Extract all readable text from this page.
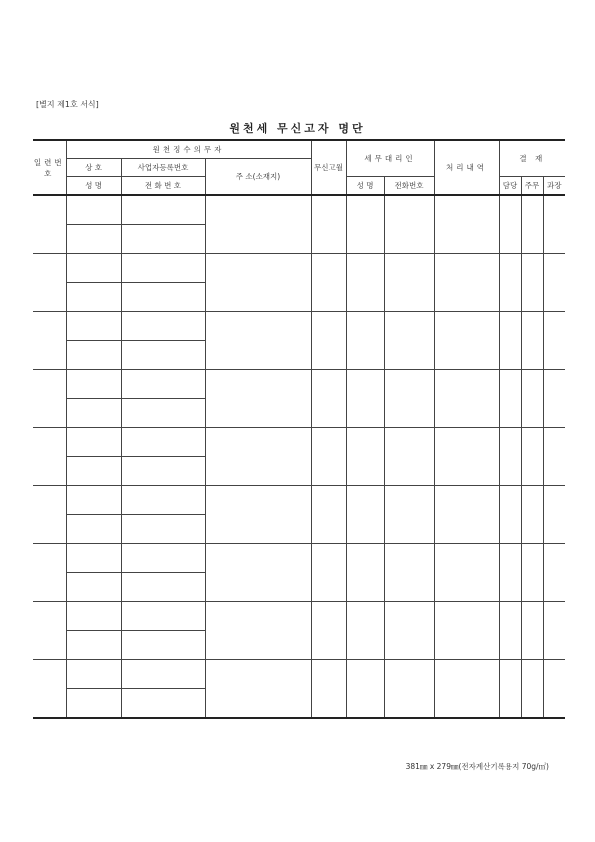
[별지 제1호 서식]
원천세 무신고자 명단
일련번호	원천징수의무자			무신고월	세무대리인		처리내역	결 재		
	상 호	사업자등록번호	주 소(소재지)							
	성 명	전 화 번 호			성 명	전화번호		담당	주무	과장

381㎜ x 279㎜(전자계산기록용지 70g/㎡)
